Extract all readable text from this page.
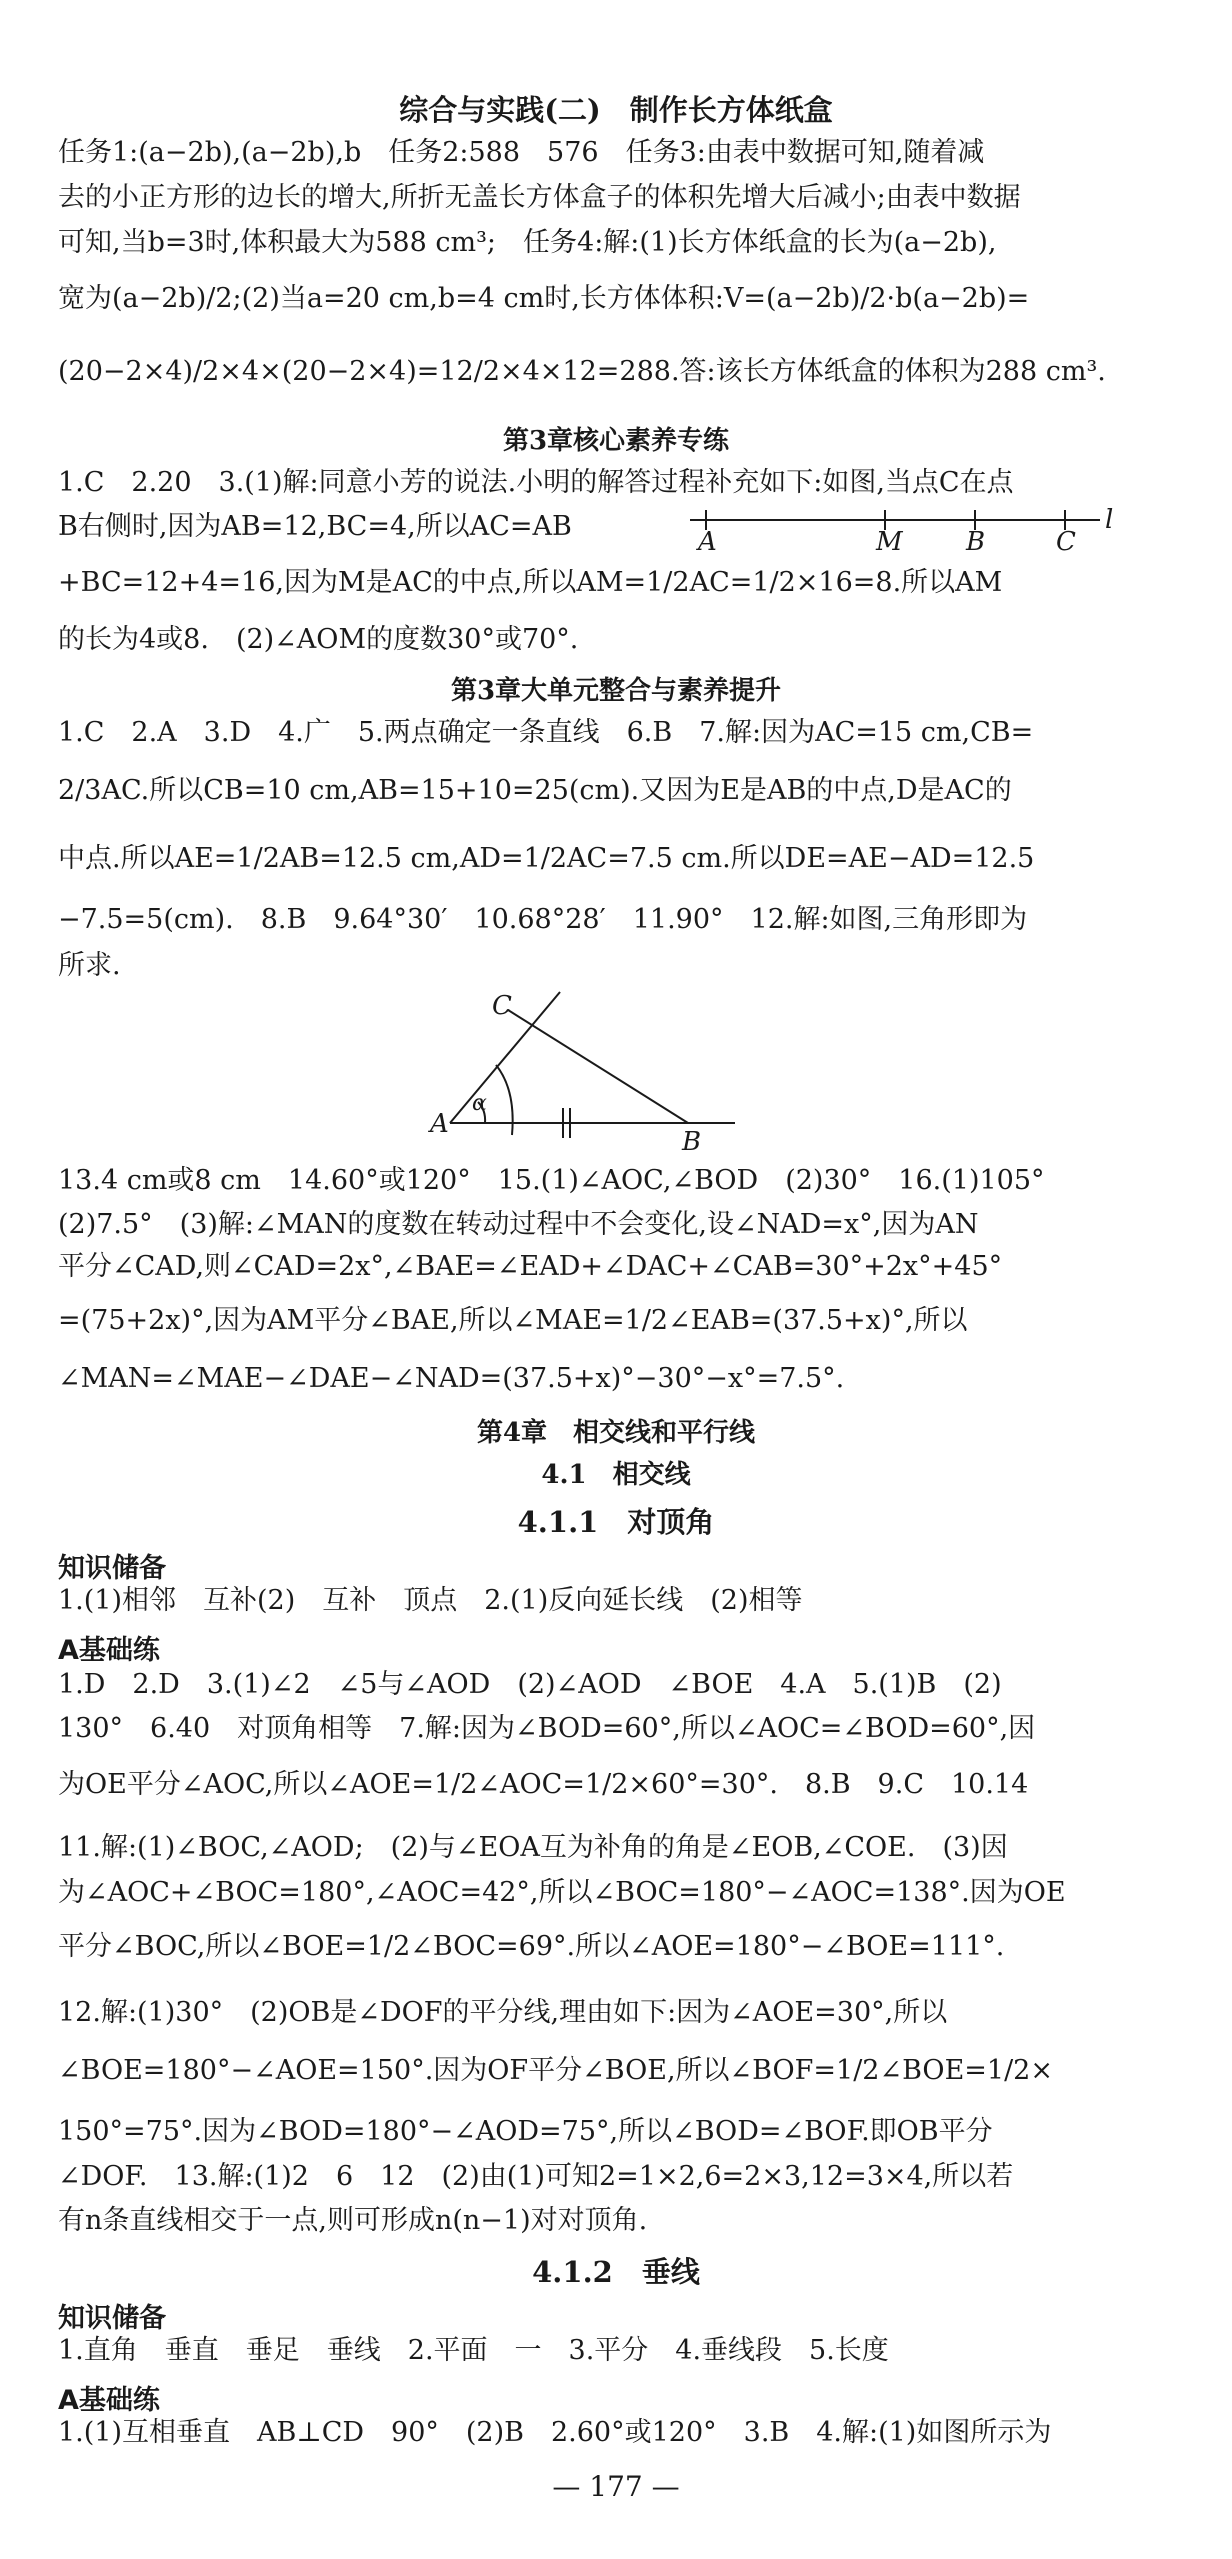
综合与实践(二)　制作长方体纸盒
任务1:(a−2b),(a−2b),b　任务2:588　576　任务3:由表中数据可知,随着减
去的小正方形的边长的增大,所折无盖长方体盒子的体积先增大后减小;由表中数据
可知,当b=3时,体积最大为588 cm³;　任务4:解:(1)长方体纸盒的长为(a−2b),
宽为(a−2b)/2;(2)当a=20 cm,b=4 cm时,长方体体积:V=(a−2b)/2·b(a−2b)=
(20−2×4)/2×4×(20−2×4)=12/2×4×12=288.答:该长方体纸盒的体积为288 cm³.
第3章核心素养专练
1.C　2.20　3.(1)解:同意小芳的说法.小明的解答过程补充如下:如图,当点C在点
B右侧时,因为AB=12,BC=4,所以AC=AB	A	M B	C
l
+BC=12+4=16,因为M是AC的中点,所以AM=1/2AC=1/2×16=8.所以AM
的长为4或8.　(2)∠AOM的度数30°或70°.
第3章大单元整合与素养提升
1.C　2.A　3.D　4.广　5.两点确定一条直线　6.B　7.解:因为AC=15 cm,CB=
2/3AC.所以CB=10 cm,AB=15+10=25(cm).又因为E是AB的中点,D是AC的
中点.所以AE=1/2AB=12.5 cm,AD=1/2AC=7.5 cm.所以DE=AE−AD=12.5
−7.5=5(cm).　8.B　9.64°30′　10.68°28′　11.90°　12.解:如图,三角形即为
所求.
C
A
B
α
13.4 cm或8 cm　14.60°或120°　15.(1)∠AOC,∠BOD　(2)30°　16.(1)105°
(2)7.5°　(3)解:∠MAN的度数在转动过程中不会变化,设∠NAD=x°,因为AN
平分∠CAD,则∠CAD=2x°,∠BAE=∠EAD+∠DAC+∠CAB=30°+2x°+45°
=(75+2x)°,因为AM平分∠BAE,所以∠MAE=1/2∠EAB=(37.5+x)°,所以
∠MAN=∠MAE−∠DAE−∠NAD=(37.5+x)°−30°−x°=7.5°.
第4章　相交线和平行线
4.1　相交线
4.1.1　对顶角
知识储备
1.(1)相邻　互补(2)　互补　顶点　2.(1)反向延长线　(2)相等
A基础练
1.D　2.D　3.(1)∠2　∠5与∠AOD　(2)∠AOD　∠BOE　4.A　5.(1)B　(2)
130°　6.40　对顶角相等　7.解:因为∠BOD=60°,所以∠AOC=∠BOD=60°,因
为OE平分∠AOC,所以∠AOE=1/2∠AOC=1/2×60°=30°.　8.B　9.C　10.14
11.解:(1)∠BOC,∠AOD;　(2)与∠EOA互为补角的角是∠EOB,∠COE.　(3)因
为∠AOC+∠BOC=180°,∠AOC=42°,所以∠BOC=180°−∠AOC=138°.因为OE
平分∠BOC,所以∠BOE=1/2∠BOC=69°.所以∠AOE=180°−∠BOE=111°.
12.解:(1)30°　(2)OB是∠DOF的平分线,理由如下:因为∠AOE=30°,所以
∠BOE=180°−∠AOE=150°.因为OF平分∠BOE,所以∠BOF=1/2∠BOE=1/2×
150°=75°.因为∠BOD=180°−∠AOD=75°,所以∠BOD=∠BOF.即OB平分
∠DOF.　13.解:(1)2　6　12　(2)由(1)可知2=1×2,6=2×3,12=3×4,所以若
有n条直线相交于一点,则可形成n(n−1)对对顶角.
4.1.2　垂线
知识储备
1.直角　垂直　垂足　垂线　2.平面　一　3.平分　4.垂线段　5.长度
A基础练
1.(1)互相垂直　AB⊥CD　90°　(2)B　2.60°或120°　3.B　4.解:(1)如图所示为
— 177 —
